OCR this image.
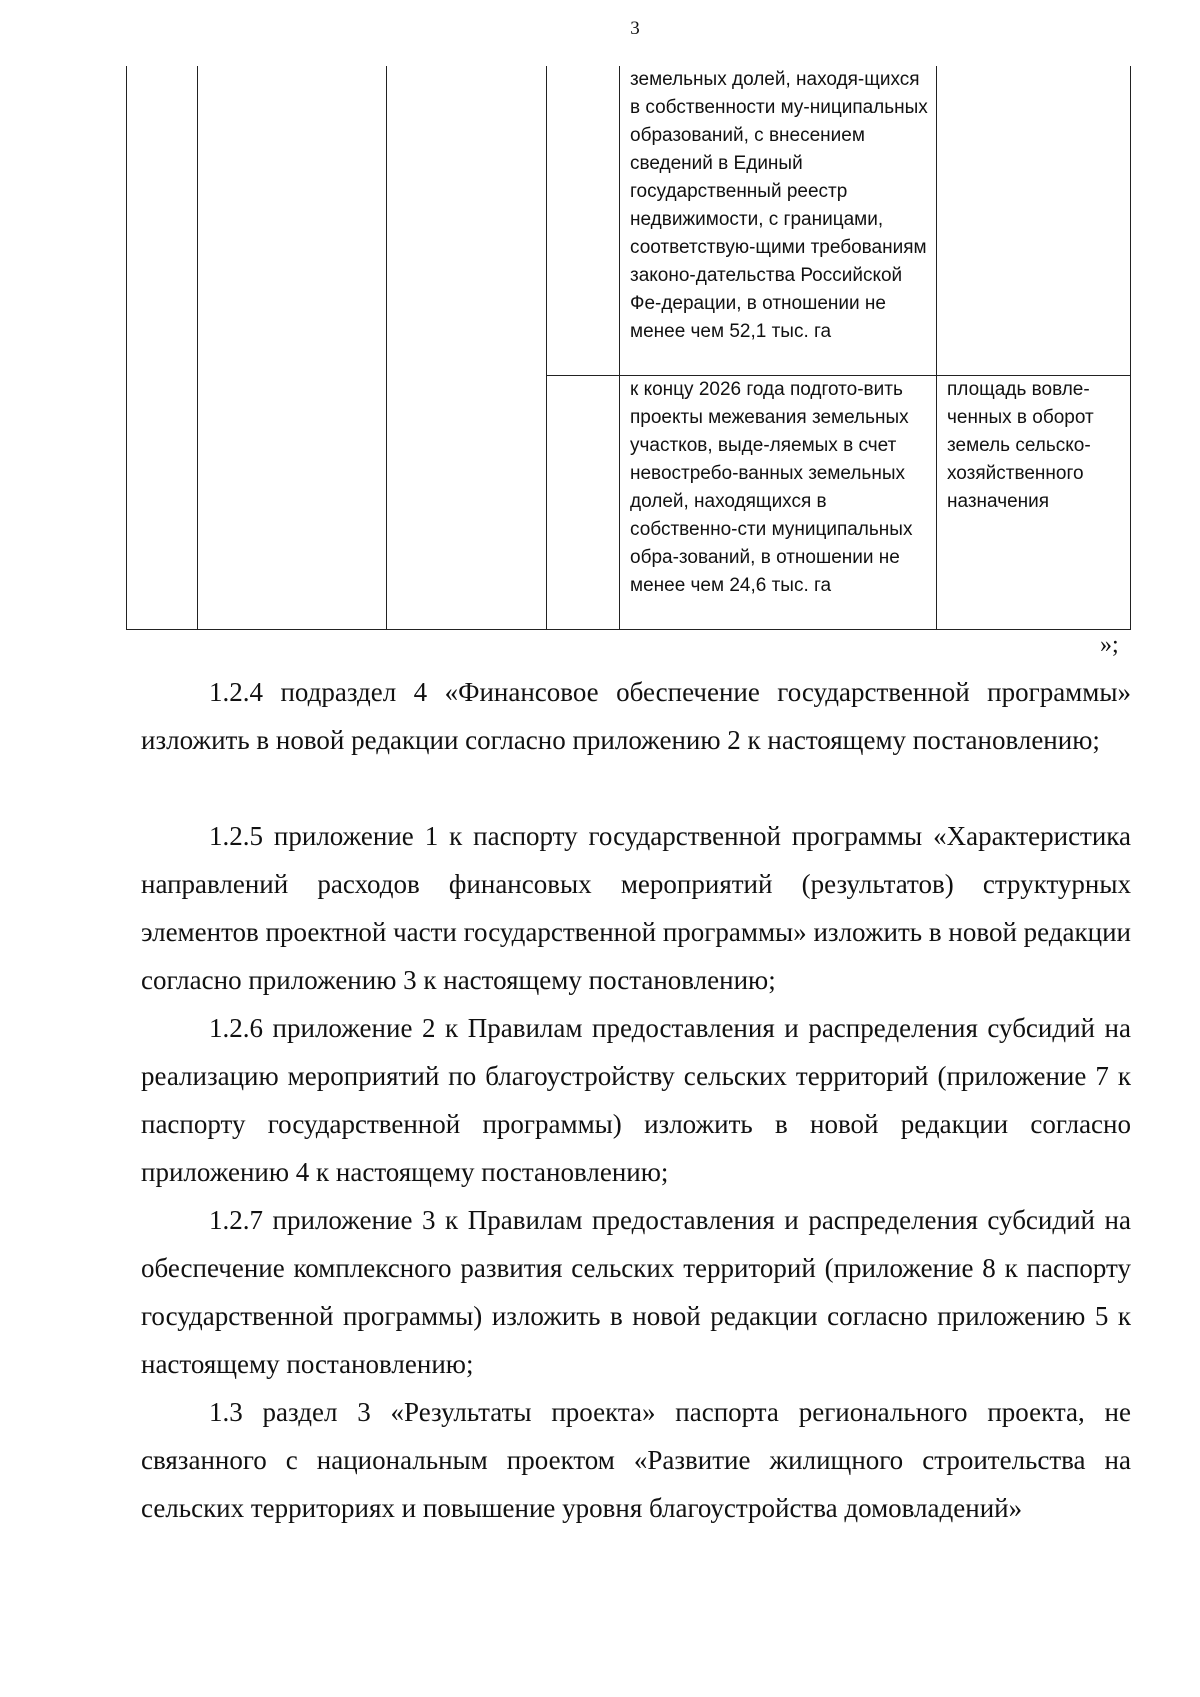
3
				земельных долей, находя-щихся в собственности му-ниципальных образований, с внесением сведений в Единый государственный реестр недвижимости, с границами, соответствую-щими требованиям законо-дательства Российской Фе-дерации, в отношении не менее чем 52,1 тыс. га	
				к концу 2026 года подгото-вить проекты межевания земельных участков, выде-ляемых в счет невостребо-ванных земельных долей, находящихся в собственно-сти муниципальных обра-зований, в отношении не менее чем 24,6 тыс. га	площадь вовле-ченных в оборот земель сельско-хозяйственного назначения
»;

1.2.4 подраздел 4 «Финансовое обеспечение государственной программы» изложить в новой редакции согласно приложению 2 к настоящему постановлению;

1.2.5 приложение 1 к паспорту государственной программы «Характеристика направлений расходов финансовых мероприятий (результатов) структурных элементов проектной части государственной программы» изложить в новой редакции согласно приложению 3 к настоящему постановлению;

1.2.6 приложение 2 к Правилам предоставления и распределения субсидий на реализацию мероприятий по благоустройству сельских территорий (приложение 7 к паспорту государственной программы) изложить в новой редакции согласно приложению 4 к настоящему постановлению;

1.2.7 приложение 3 к Правилам предоставления и распределения субсидий на обеспечение комплексного развития сельских территорий (приложение 8 к паспорту государственной программы) изложить в новой редакции согласно приложению 5 к настоящему постановлению;

1.3 раздел 3 «Результаты проекта» паспорта регионального проекта, не связанного с национальным проектом «Развитие жилищного строительства на сельских территориях и повышение уровня благоустройства домовладений»
